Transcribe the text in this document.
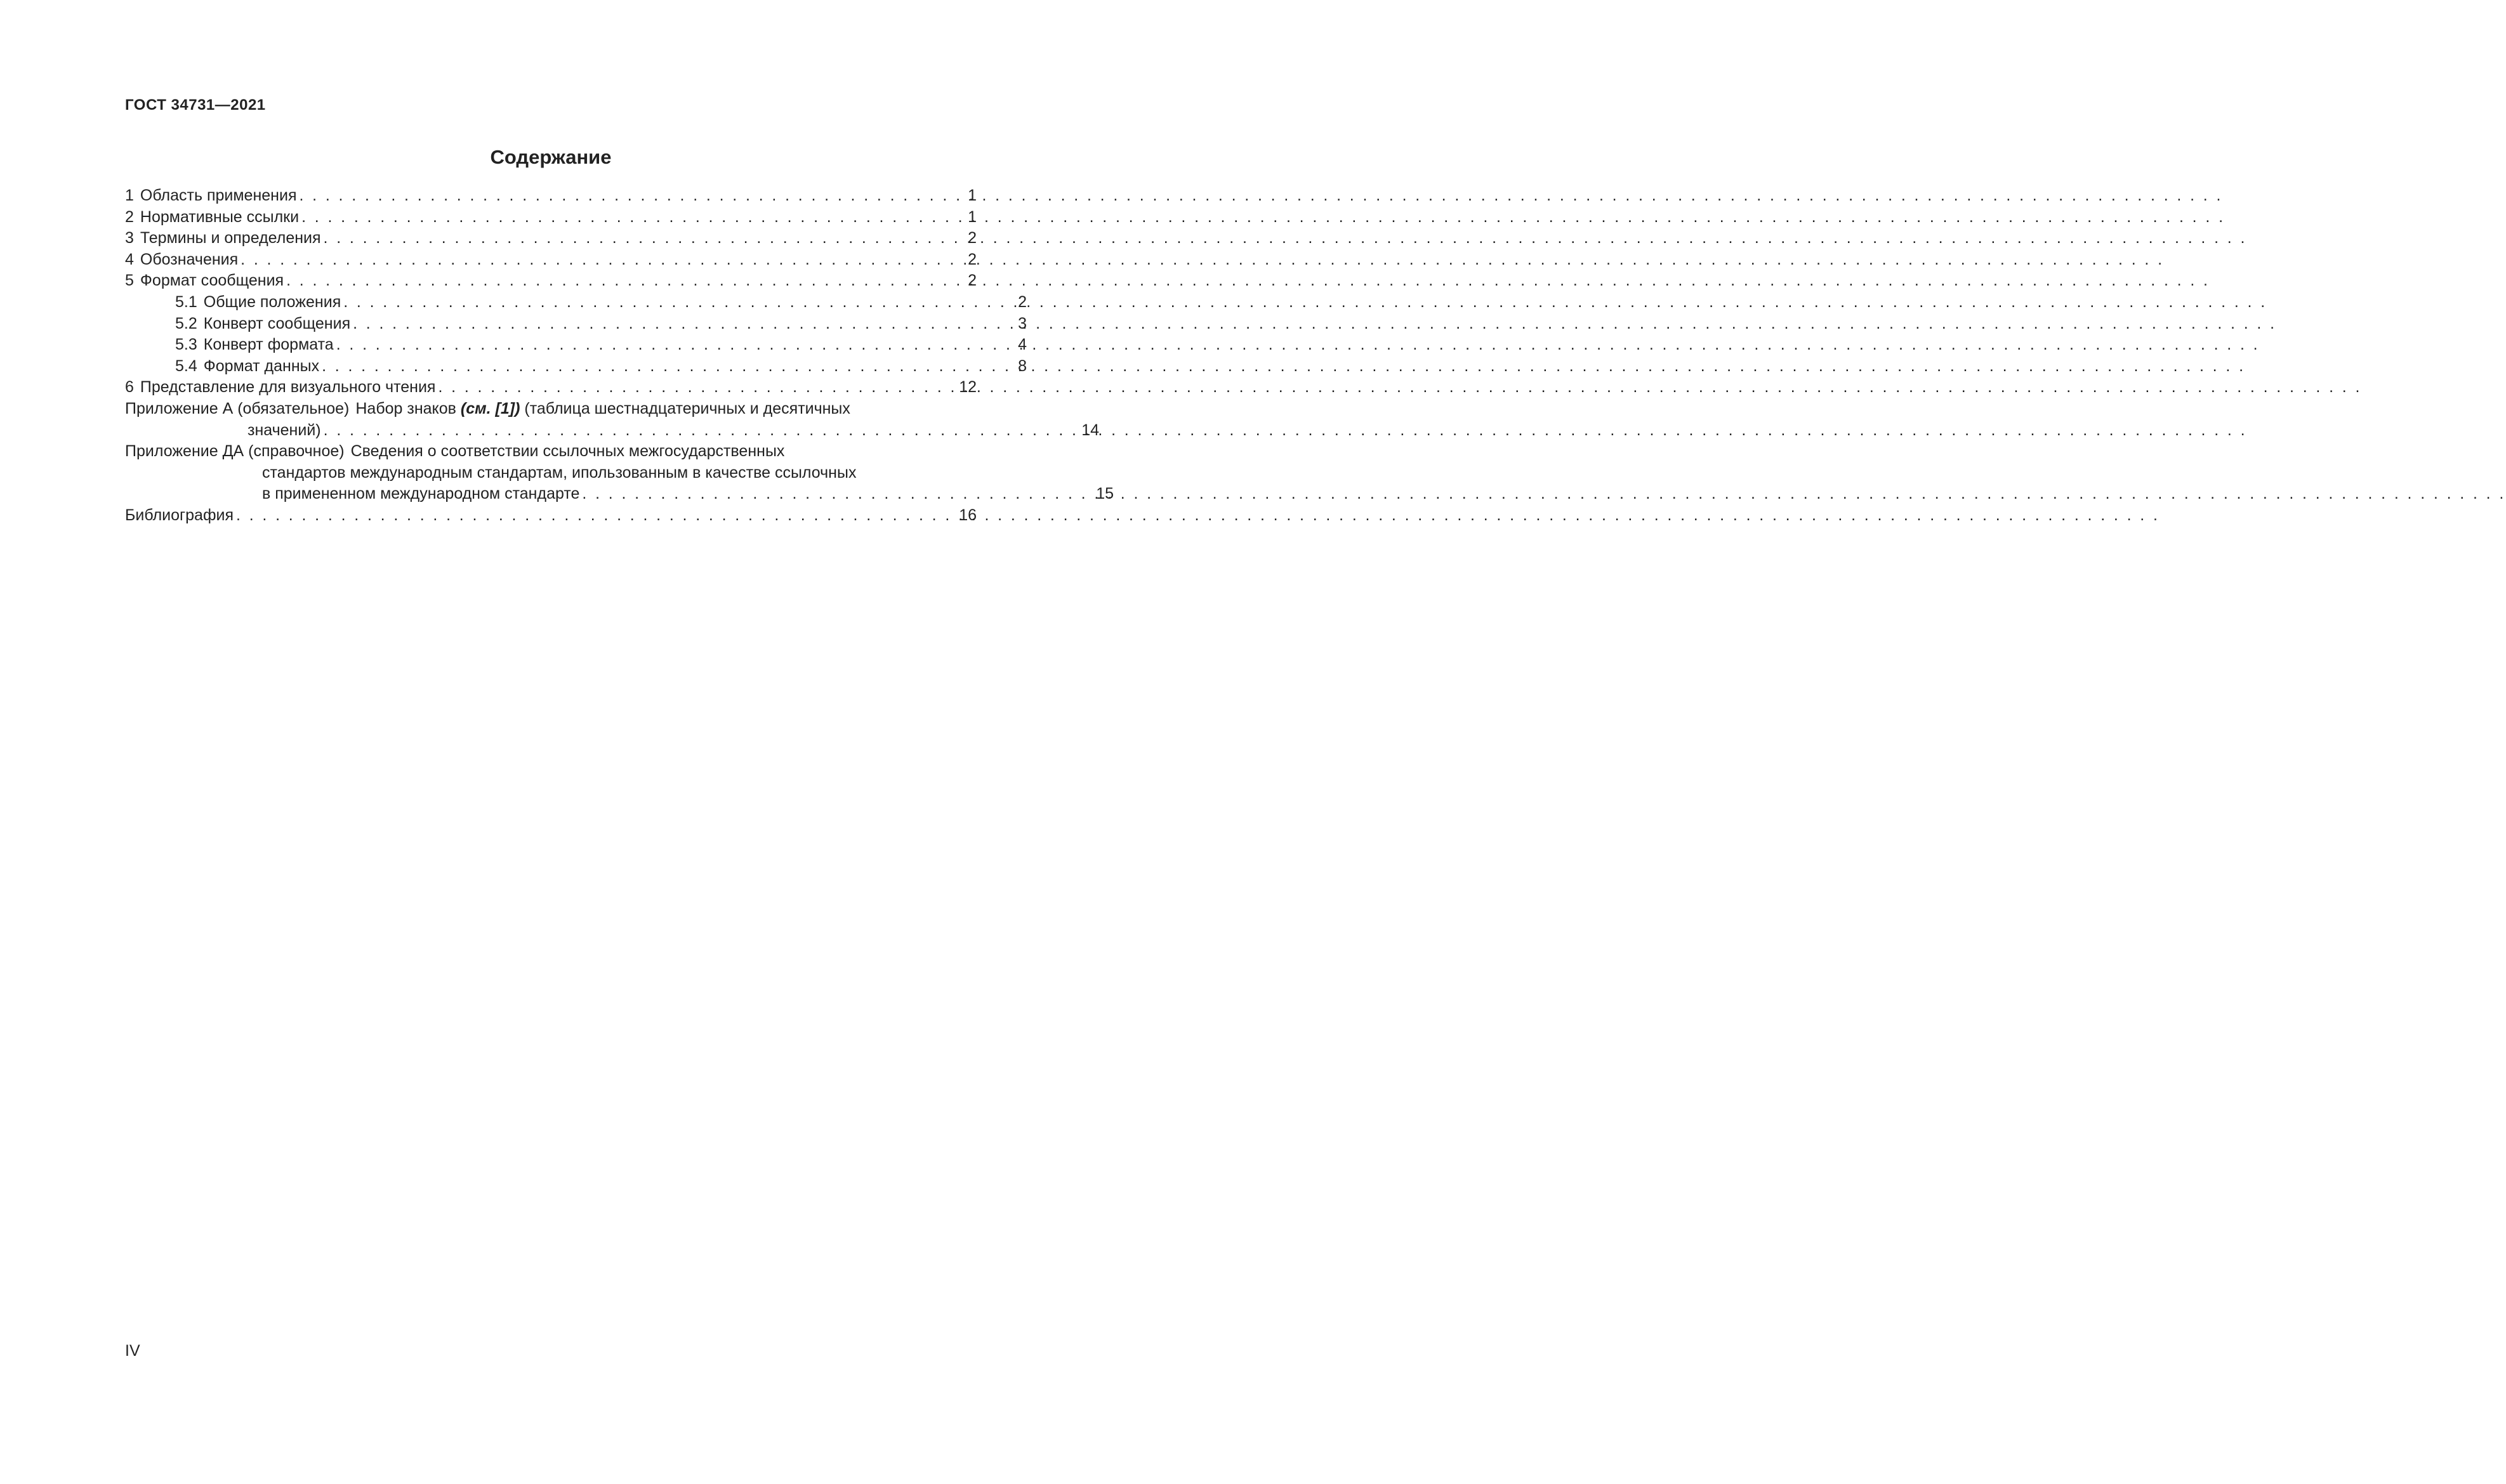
ГОСТ 34731—2021
Содержание
1 Область применения . . .	1
2 Нормативные ссылки . . .	1
3 Термины и определения . . .	2
4 Обозначения . . .	2
5 Формат сообщения . . .	2
5.1 Общие положения . . .	2
5.2 Конверт сообщения . . .	3
5.3 Конверт формата . . .	4
5.4 Формат данных . . .	8
6 Представление для визуального чтения . . .	12
Приложение А (обязательное) Набор знаков (см. [1]) (таблица шестнадцатеричных и десятичных
значений) . . .	14
Приложение ДА (справочное) Сведения о соответствии ссылочных межгосударственных
стандартов международным стандартам, ипользованным в качестве ссылочных
в примененном международном стандарте . . .	15
Библиография . . .	16
IV
